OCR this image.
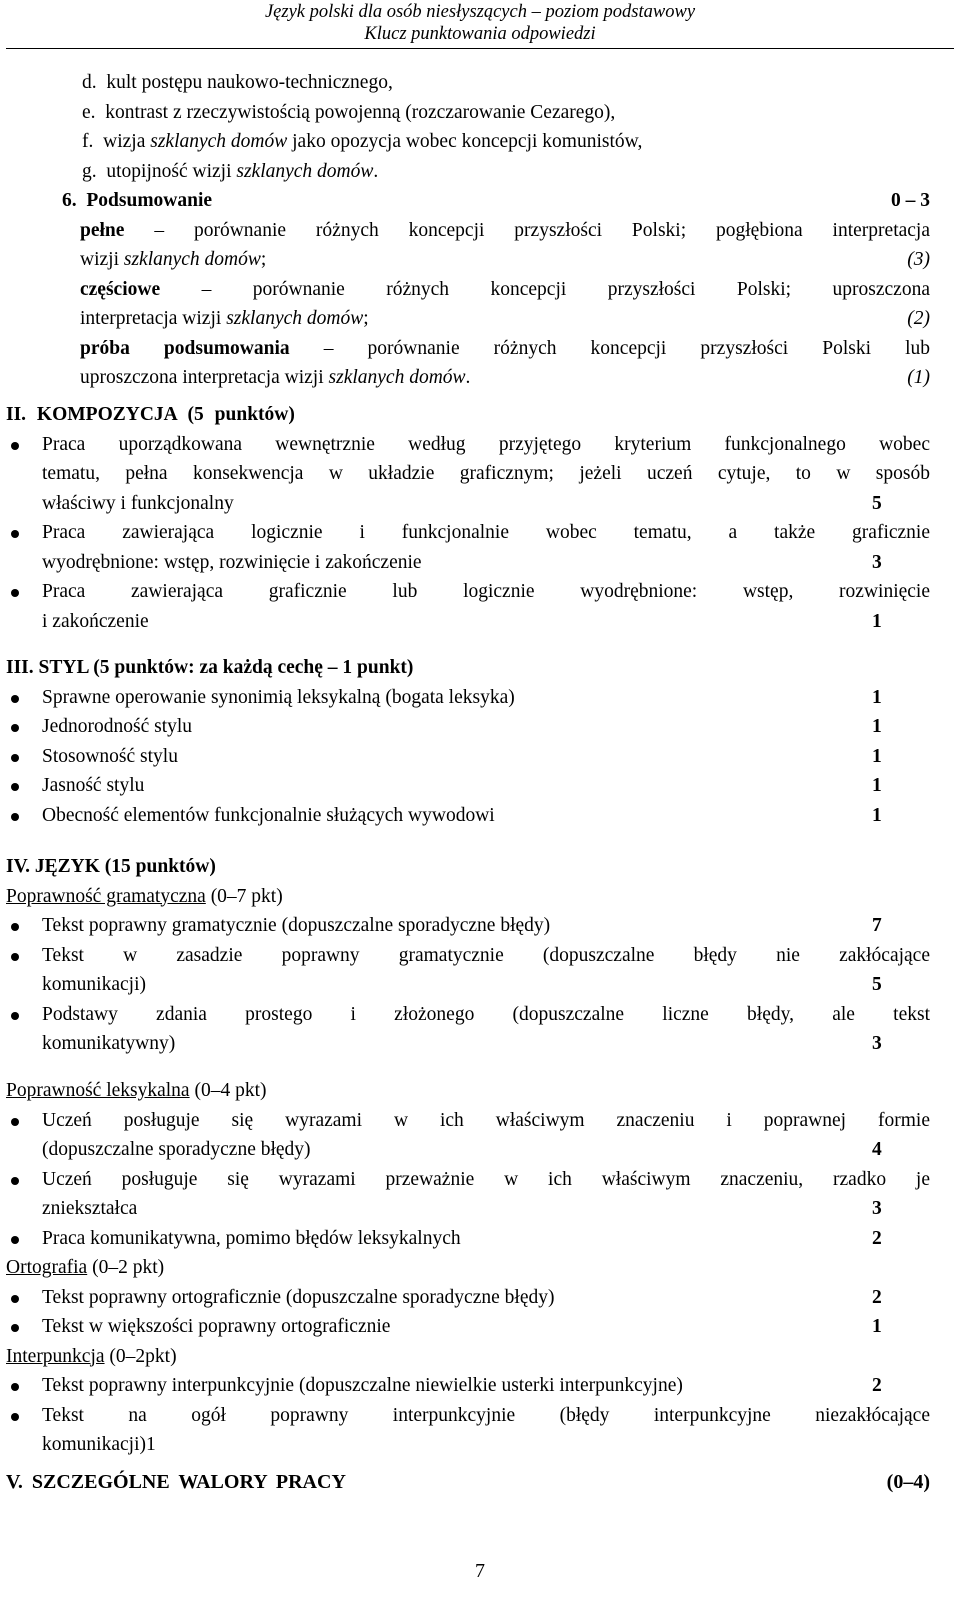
Język polski dla osób niesłyszących – poziom podstawowy
Klucz punktowania odpowiedzi
d. kult postępu naukowo-technicznego,
e. kontrast z rzeczywistością powojenną (rozczarowanie Cezarego),
f. wizja szklanych domów jako opozycja wobec koncepcji komunistów,
g. utopijność wizji szklanych domów.
6. Podsumowanie	0 – 3
pełne – porównanie różnych koncepcji przyszłości Polski; pogłębiona interpretacja
wizji szklanych domów;	(3)
częściowe – porównanie różnych koncepcji przyszłości Polski; uproszczona
interpretacja wizji szklanych domów;	(2)
próba podsumowania – porównanie różnych koncepcji przyszłości Polski lub
uproszczona interpretacja wizji szklanych domów.	(1)
II. KOMPOZYCJA (5 punktów)
Praca uporządkowana wewnętrznie według przyjętego kryterium funkcjonalnego wobec
tematu, pełna konsekwencja w układzie graficznym; jeżeli uczeń cytuje, to w sposób
właściwy i funkcjonalny	5
Praca zawierająca logicznie i funkcjonalnie wobec tematu, a także graficznie
wyodrębnione: wstęp, rozwinięcie i zakończenie	3
Praca zawierająca graficznie lub logicznie wyodrębnione: wstęp, rozwinięcie
i zakończenie	1
III. STYL (5 punktów: za każdą cechę – 1 punkt)
Sprawne operowanie synonimią leksykalną (bogata leksyka)	1
Jednorodność stylu	1
Stosowność stylu	1
Jasność stylu	1
Obecność elementów funkcjonalnie służących wywodowi	1
IV. JĘZYK (15 punktów)
Poprawność gramatyczna (0–7 pkt)
Tekst poprawny gramatycznie (dopuszczalne sporadyczne błędy)	7
Tekst w zasadzie poprawny gramatycznie (dopuszczalne błędy nie zakłócające
komunikacji)	5
Podstawy zdania prostego i złożonego (dopuszczalne liczne błędy, ale tekst
komunikatywny)	3
Poprawność leksykalna (0–4 pkt)
Uczeń posługuje się wyrazami w ich właściwym znaczeniu i poprawnej formie
(dopuszczalne sporadyczne błędy)	4
Uczeń posługuje się wyrazami przeważnie w ich właściwym znaczeniu, rzadko je
zniekształca	3
Praca komunikatywna, pomimo błędów leksykalnych	2
Ortografia (0–2 pkt)
Tekst poprawny ortograficznie (dopuszczalne sporadyczne błędy)	2
Tekst w większości poprawny ortograficznie	1
Interpunkcja (0–2pkt)
Tekst poprawny interpunkcyjnie (dopuszczalne niewielkie usterki interpunkcyjne)	2
Tekst na ogół poprawny interpunkcyjnie (błędy interpunkcyjne niezakłócające
komunikacji)1
V. SZCZEGÓLNE WALORY PRACY	(0–4)
7
